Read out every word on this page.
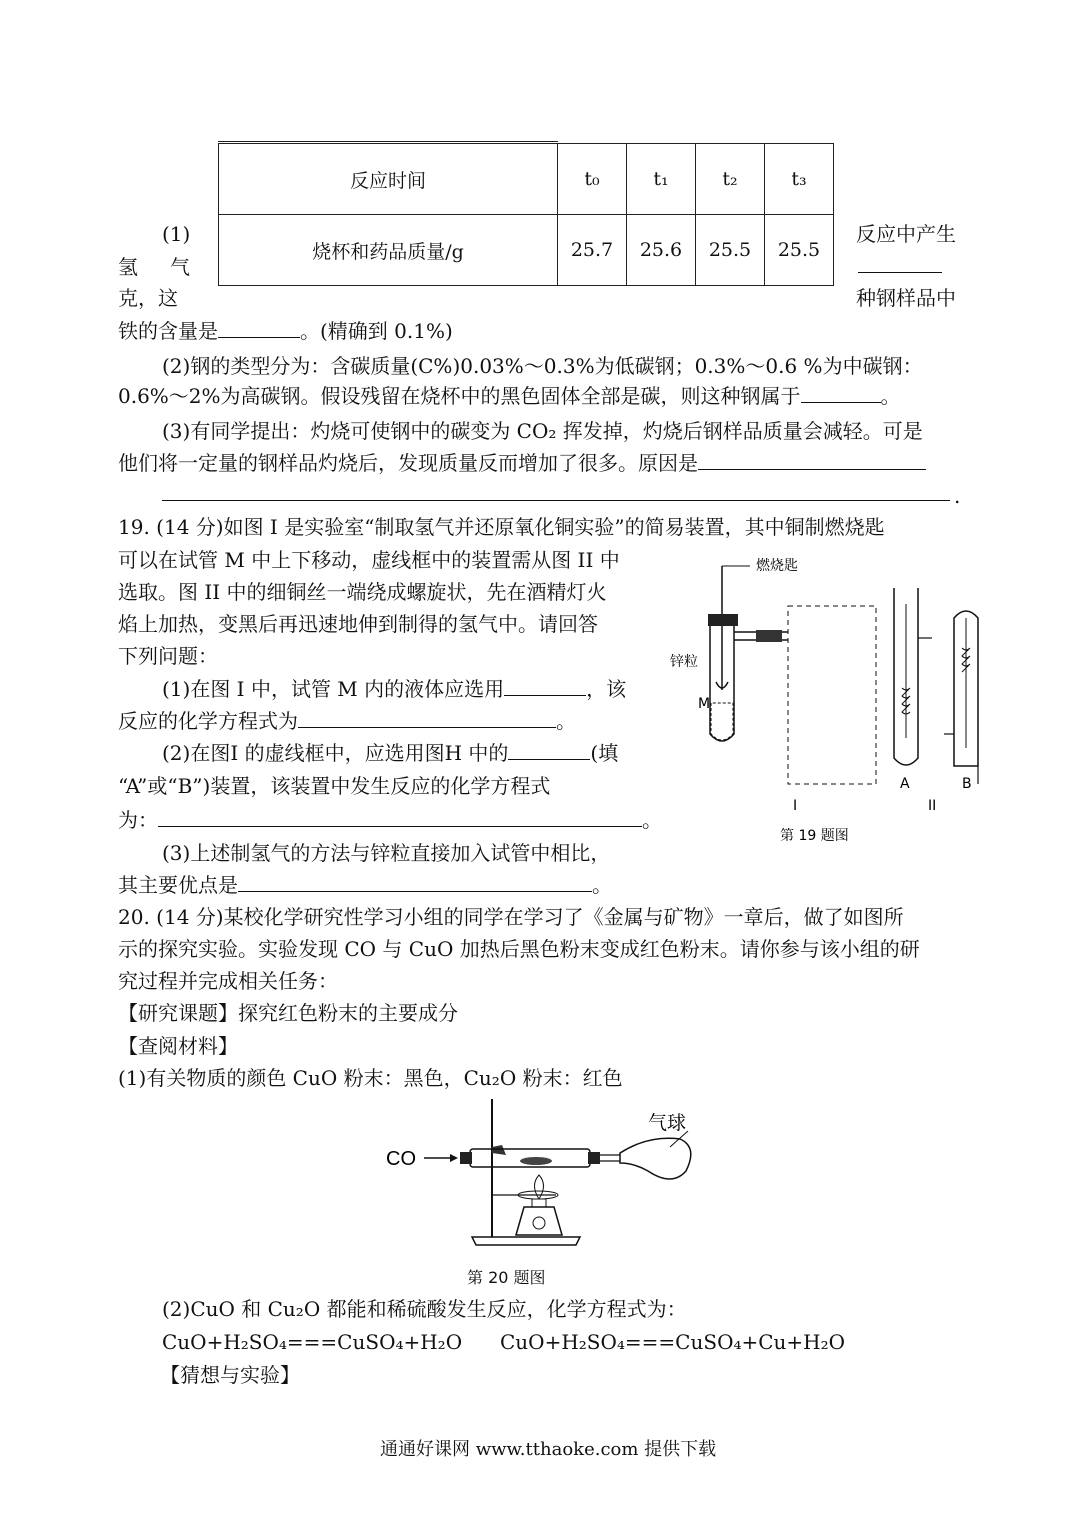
反应时间	t₀	t₁	t₂	t₃
烧杯和药品质量/g	25.7	25.6	25.5	25.5
(1)
氢　气
克，这
反应中产生
种钢样品中
铁的含量是	。(精确到 0.1%)
(2)钢的类型分为：含碳质量(C%)0.03%～0.3%为低碳钢；0.3%～0.6 %为中碳钢：
0.6%～2%为高碳钢。假设残留在烧杯中的黑色固体全部是碳，则这种钢属于	。
(3)有同学提出：灼烧可使钢中的碳变为 CO₂ 挥发掉，灼烧后钢样品质量会减轻。可是
他们将一定量的钢样品灼烧后，发现质量反而增加了很多。原因是
.
19. (14 分)如图 I 是实验室“制取氢气并还原氧化铜实验”的简易装置，其中铜制燃烧匙
可以在试管 M 中上下移动，虚线框中的装置需从图 II 中
选取。图 II 中的细铜丝一端绕成螺旋状，先在酒精灯火
焰上加热，变黑后再迅速地伸到制得的氢气中。请回答
下列问题：
(1)在图 I 中，试管 M 内的液体应选用	，该
反应的化学方程式为	。
(2)在图I 的虚线框中，应选用图H 中的	(填
“A”或“B”)装置，该装置中发生反应的化学方程式
为：	。
(3)上述制氢气的方法与锌粒直接加入试管中相比，
其主要优点是	。
燃烧匙
锌粒
M
A	B
I	II
第 19 题图
20. (14 分)某校化学研究性学习小组的同学在学习了《金属与矿物》一章后，做了如图所
示的探究实验。实验发现 CO 与 CuO 加热后黑色粉末变成红色粉末。请你参与该小组的研
究过程并完成相关任务：
【研究课题】探究红色粉末的主要成分
【查阅材料】
(1)有关物质的颜色 CuO 粉末：黑色，Cu₂O 粉末：红色
CO
气球
第 20 题图
(2)CuO 和 Cu₂O 都能和稀硫酸发生反应，化学方程式为：
CuO+H₂SO₄===CuSO₄+H₂O CuO+H₂SO₄===CuSO₄+Cu+H₂O
【猜想与实验】
通通好课网 www.tthaoke.com 提供下载
